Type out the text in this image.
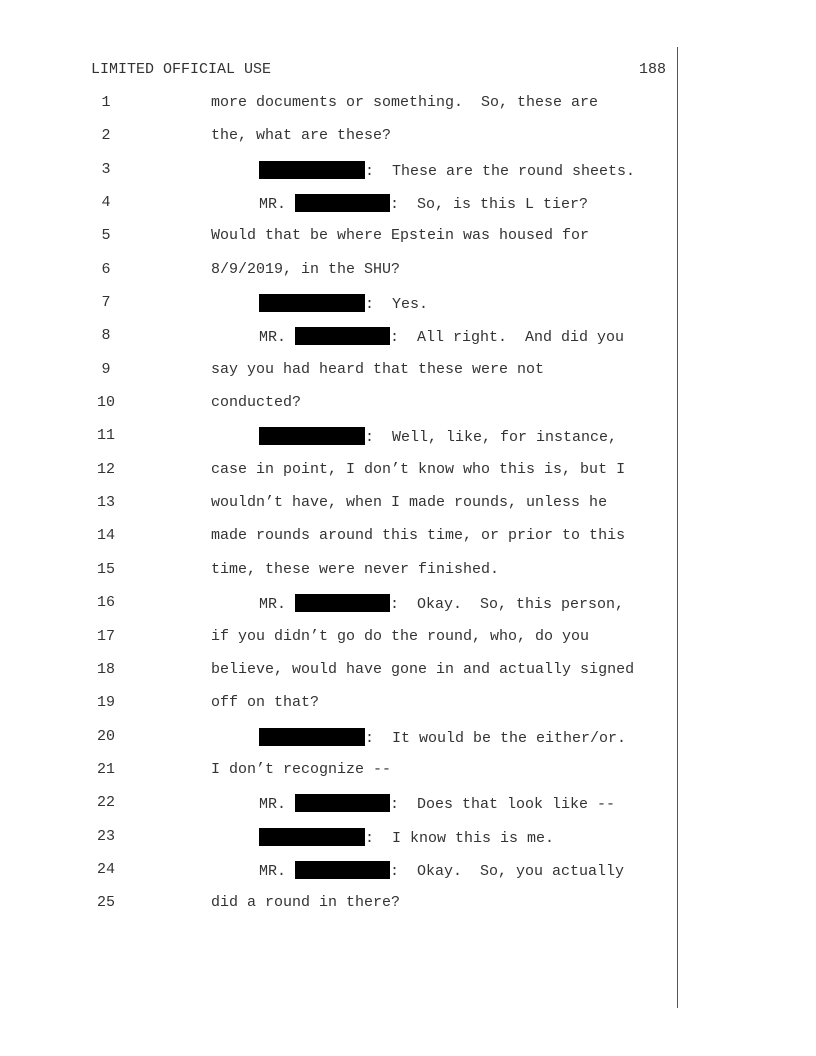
LIMITED OFFICIAL USE	188
1	more documents or something.  So, these are
2	the, what are these?
3	:  These are the round sheets.
4	MR.	:  So, is this L tier?
5	Would that be where Epstein was housed for
6	8/9/2019, in the SHU?
7	:  Yes.
8	MR.	:  All right.  And did you
9	say you had heard that these were not
10	conducted?
11	:  Well, like, for instance,
12	case in point, I don’t know who this is, but I
13	wouldn’t have, when I made rounds, unless he
14	made rounds around this time, or prior to this
15	time, these were never finished.
16	MR.	:  Okay.  So, this person,
17	if you didn’t go do the round, who, do you
18	believe, would have gone in and actually signed
19	off on that?
20	:  It would be the either/or.
21	I don’t recognize --
22	MR.	:  Does that look like --
23	:  I know this is me.
24	MR.	:  Okay.  So, you actually
25	did a round in there?
